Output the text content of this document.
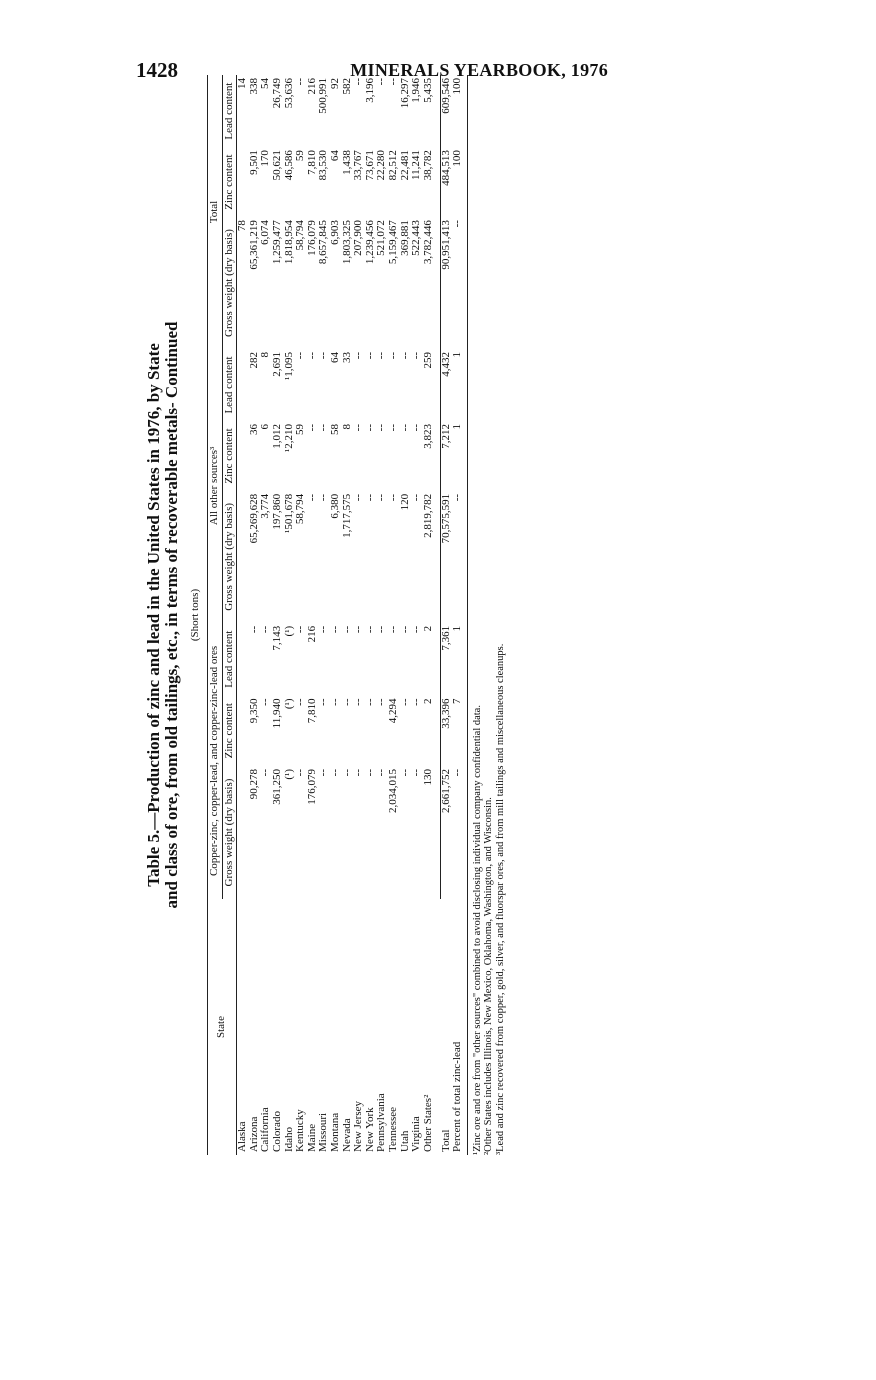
1428	MINERALS YEARBOOK, 1976
Table 5.—Production of zinc and lead in the United States in 1976, by State and class of ore, from old tailings, etc., in terms of recoverable metals- Continued (Short tons)
State	Copper-zinc, copper-lead, and copper-zinc-lead ores			All other sources³			Total		
	Gross weight (dry basis)	Zinc content	Lead content	Gross weight (dry basis)	Zinc content	Lead content	Gross weight (dry basis)	Zinc content	Lead content
Alaska							78		14
Arizona	90,278	9,350	--	65,269,628	36	282	65,361,219	9,501	338
California	--	--	--	3,774	6	8	6,074	170	54
Colorado	361,250	11,940	7,143	197,860	1,012	2,691	1,259,477	50,621	26,749
Idaho	(¹)	(¹)	(¹)	¹501,678	¹2,210	¹1,095	1,818,954	46,586	53,636
Kentucky	--	--	--	58,794	59	--	58,794	59	--
Maine	176,079	7,810	216	--	--	--	176,079	7,810	216
Missouri	--	--	--	--	--	--	8,657,845	83,530	500,991
Montana	--	--	--	6,380	58	64	6,903	64	92
Nevada	--	--	--	1,717,575	8	33	1,803,325	1,438	582
New Jersey	--	--	--	--	--	--	207,900	33,767	--
New York	--	--	--	--	--	--	1,239,456	73,671	3,196
Pennsylvania	--	--	--	--	--	--	521,072	22,280	--
Tennessee	2,034,015	4,294	--	--	--	--	5,159,467	82,512	--
Utah	--	--	--	120	--	--	369,881	22,481	16,297
Virginia	--	--	--	--	--	--	522,443	11,241	1,946
Other States²	130	2	2	2,819,782	3,823	259	3,782,446	38,782	5,435

Total	2,661,752	33,396	7,361	70,575,591	7,212	4,432	90,951,413	484,513	609,546
Percent of total zinc-lead	--	7	1	--	1	1	--	100	100

¹Zinc ore and ore from "other sources" combined to avoid disclosing individual company confidential data. ²Other States includes Illinois, New Mexico, Oklahoma, Washington, and Wisconsin. ³Lead and zinc recovered from copper, gold, silver, and fluorspar ores, and from mill tailings and miscellaneous cleanups.
